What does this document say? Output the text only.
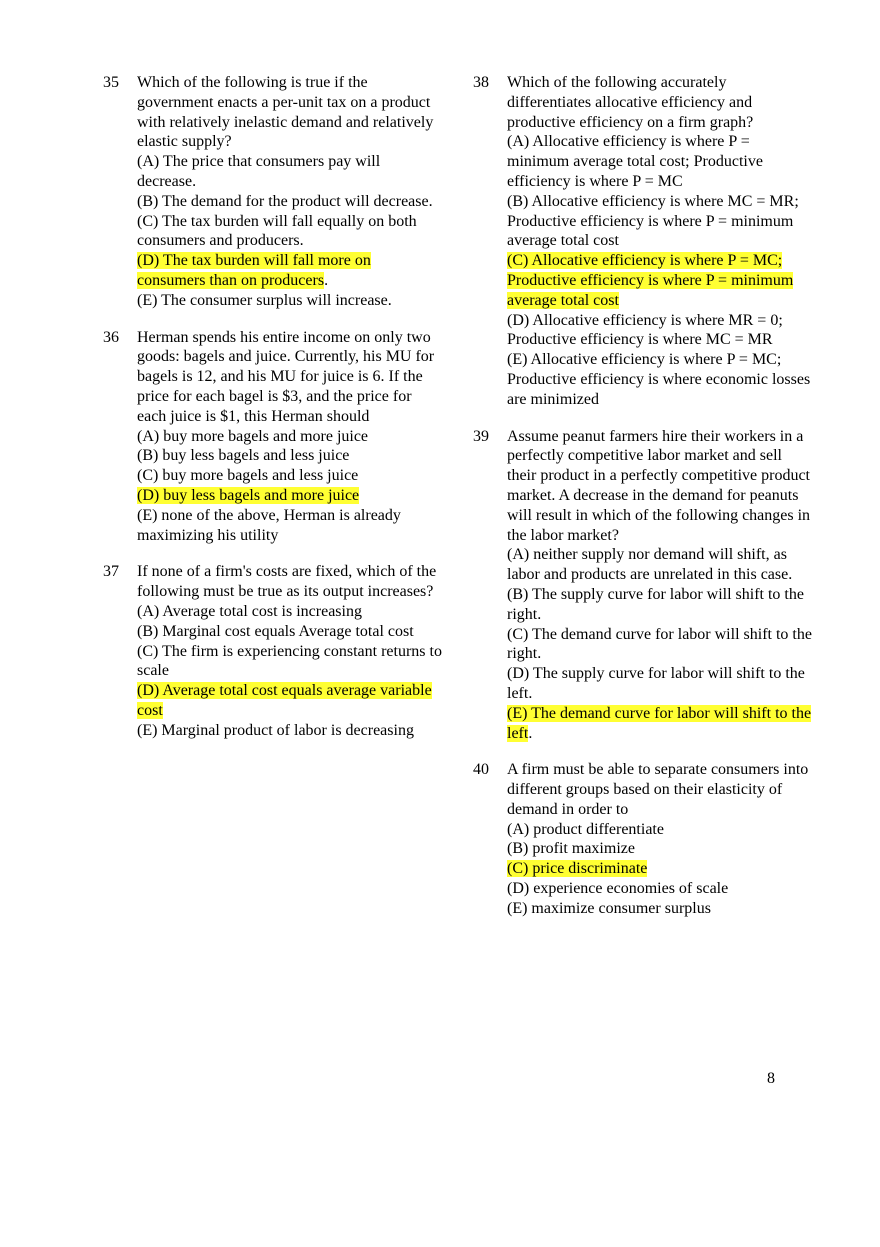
35	Which of the following is true if the government enacts a per-unit tax on a product with relatively inelastic demand and relatively elastic supply?
(A) The price that consumers pay will decrease.
(B) The demand for the product will decrease.
(C) The tax burden will fall equally on both consumers and producers.
(D) The tax burden will fall more on consumers than on producers.
(E) The consumer surplus will increase.
36	Herman spends his entire income on only two goods: bagels and juice. Currently, his MU for bagels is 12, and his MU for juice is 6. If the price for each bagel is $3, and the price for each juice is $1, this Herman should
(A) buy more bagels and more juice
(B) buy less bagels and less juice
(C) buy more bagels and less juice
(D) buy less bagels and more juice
(E) none of the above, Herman is already maximizing his utility
37	If none of a firm's costs are fixed, which of the following must be true as its output increases?
(A) Average total cost is increasing
(B) Marginal cost equals Average total cost
(C) The firm is experiencing constant returns to scale
(D) Average total cost equals average variable cost
(E) Marginal product of labor is decreasing
38	Which of the following accurately differentiates allocative efficiency and productive efficiency on a firm graph?
(A) Allocative efficiency is where P = minimum average total cost; Productive efficiency is where P = MC
(B) Allocative efficiency is where MC = MR; Productive efficiency is where P = minimum average total cost
(C) Allocative efficiency is where P = MC; Productive efficiency is where P = minimum average total cost
(D) Allocative efficiency is where MR = 0; Productive efficiency is where MC = MR
(E) Allocative efficiency is where P = MC; Productive efficiency is where economic losses are minimized
39	Assume peanut farmers hire their workers in a perfectly competitive labor market and sell their product in a perfectly competitive product market. A decrease in the demand for peanuts will result in which of the following changes in the labor market?
(A) neither supply nor demand will shift, as labor and products are unrelated in this case.
(B) The supply curve for labor will shift to the right.
(C) The demand curve for labor will shift to the right.
(D) The supply curve for labor will shift to the left.
(E) The demand curve for labor will shift to the left.
40	A firm must be able to separate consumers into different groups based on their elasticity of demand in order to
(A) product differentiate
(B) profit maximize
(C) price discriminate
(D) experience economies of scale
(E) maximize consumer surplus
8
